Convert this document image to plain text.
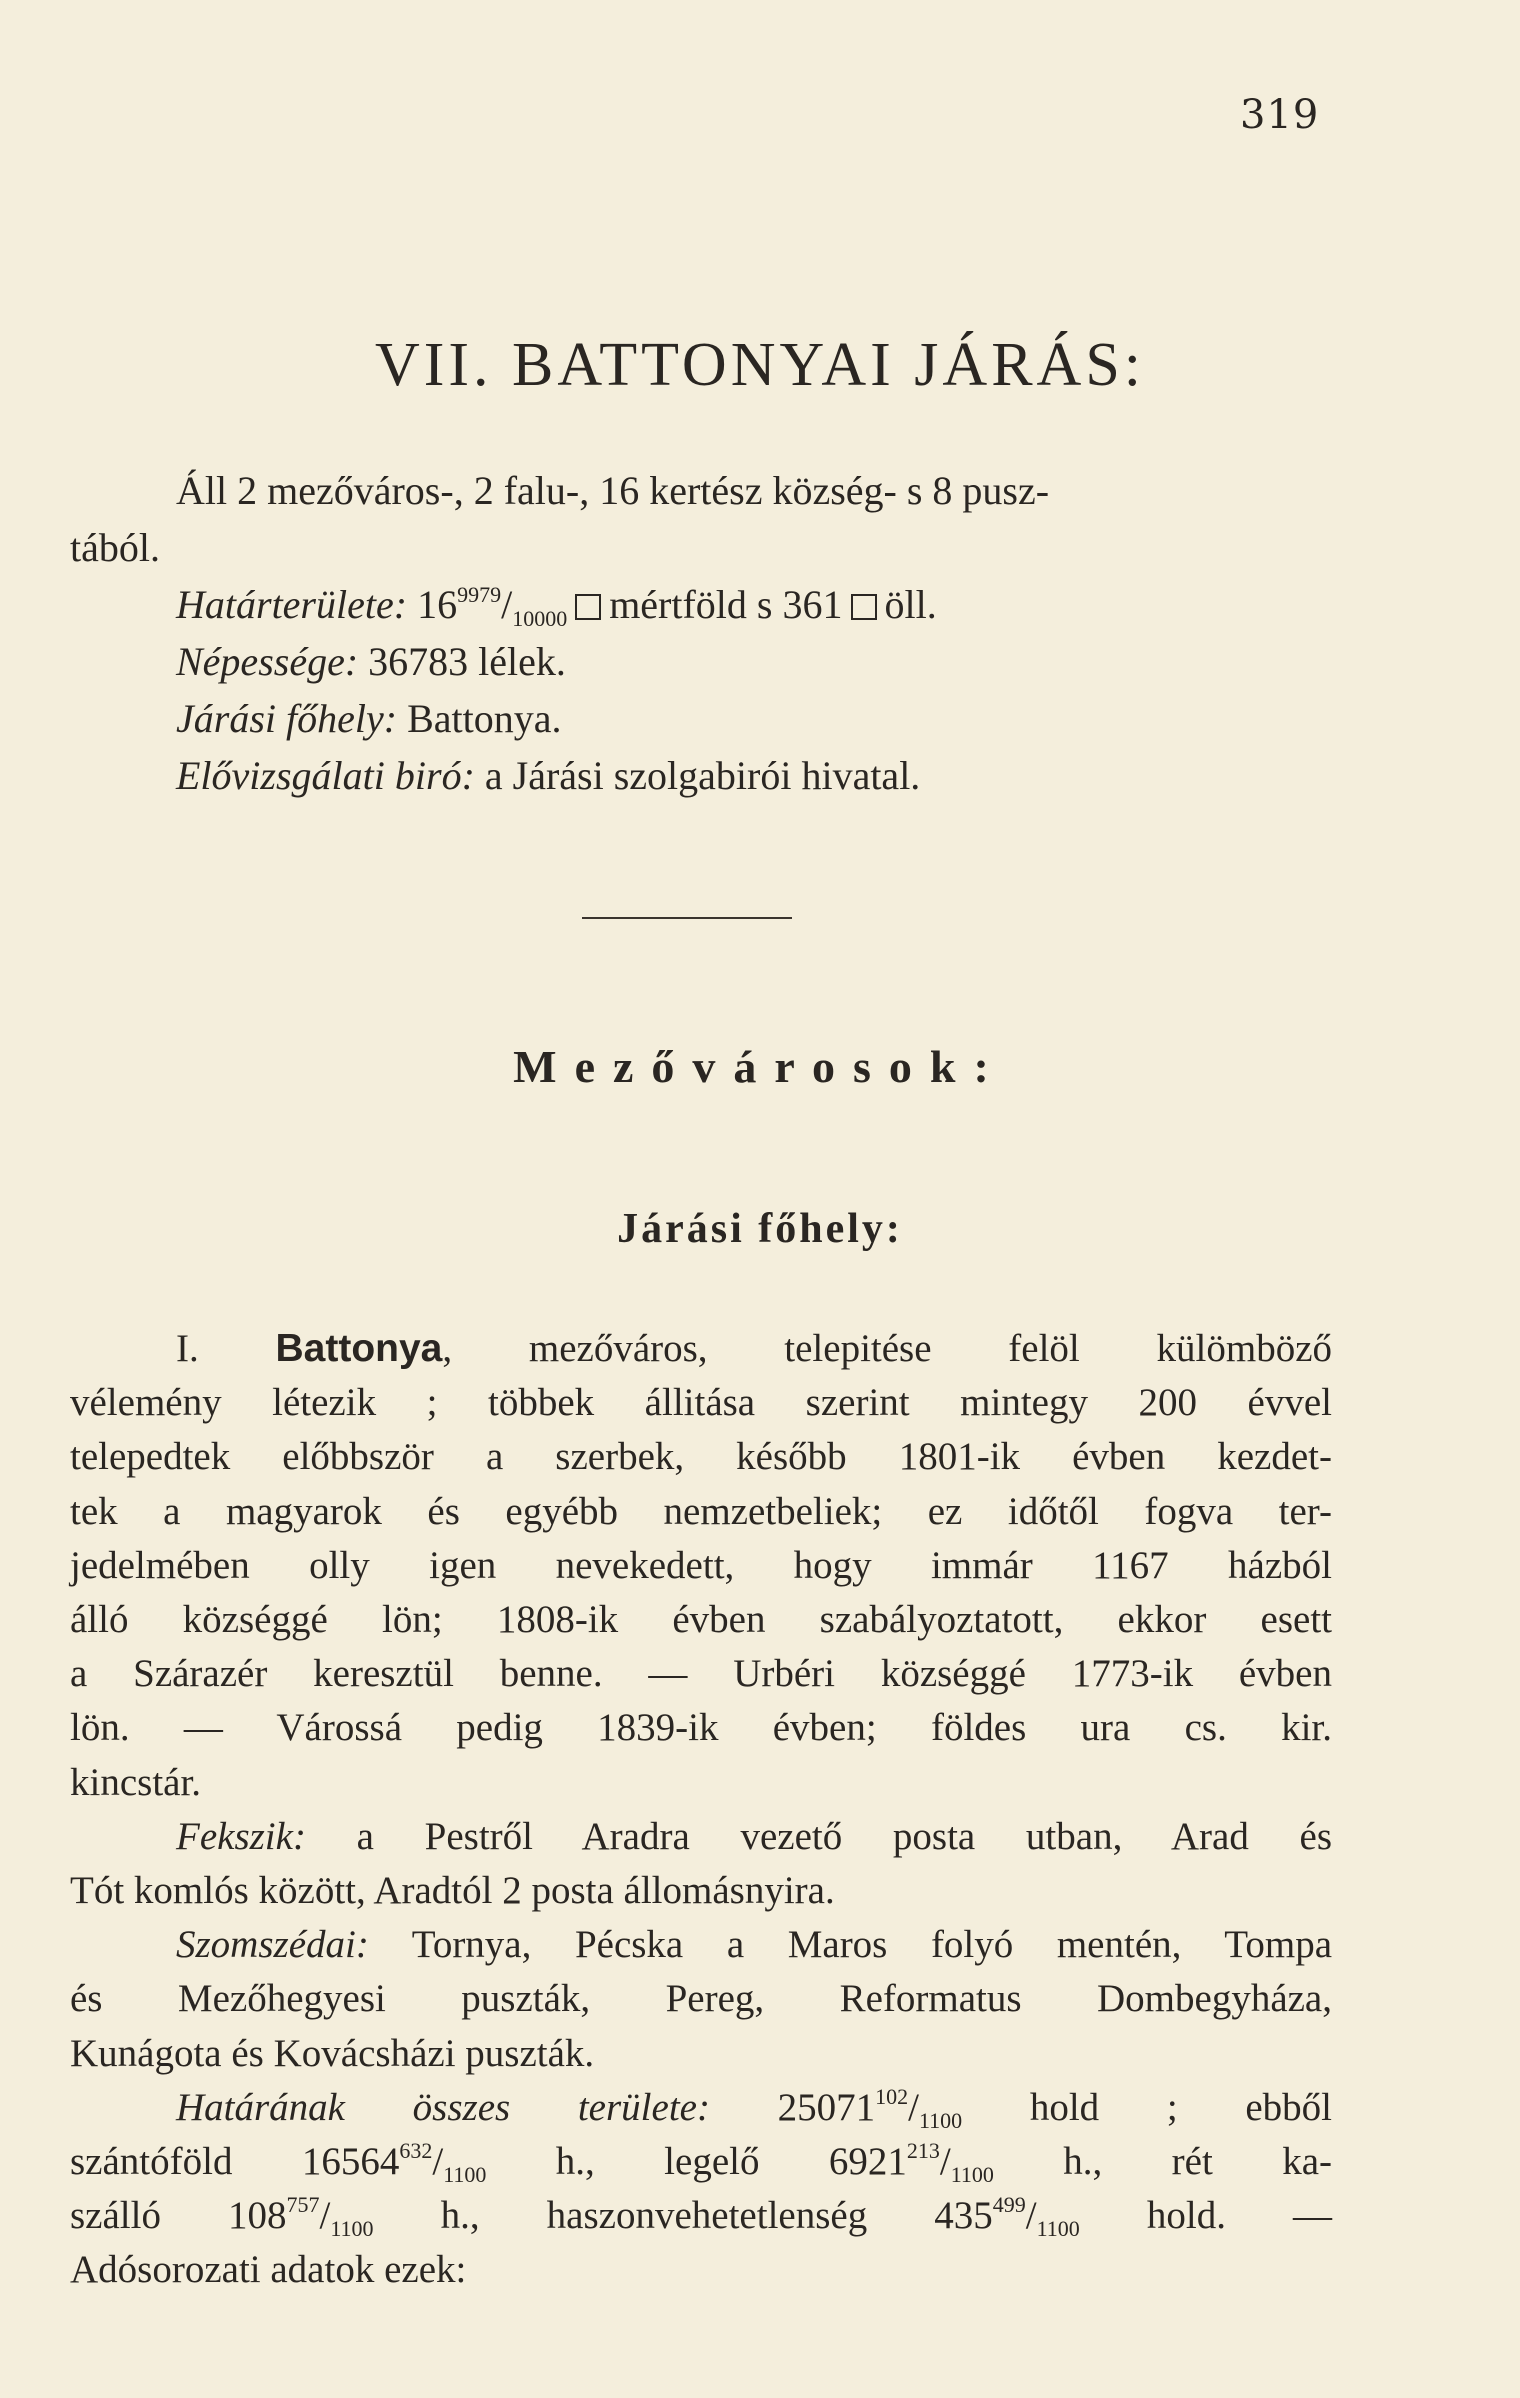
319
VII. BATTONYAI JÁRÁS:
Áll 2 mezőváros-, 2 falu-, 16 kertész község- s 8 pusz-
tából.
Határterülete: $16^{9979}/_{10000}$ mértföld s 361 öll.
Népessége: 36783 lélek.
Járási főhely: Battonya.
Elővizsgálati biró: a Járási szolgabirói hivatal.
Mezővárosok:
Járási főhely:
I. Battonya, mezőváros, telepitése felöl külömböző
vélemény létezik ; többek állitása szerint mintegy 200 évvel
telepedtek előbbször a szerbek, később 1801-ik évben kezdet-
tek a magyarok és egyébb nemzetbeliek; ez időtől fogva ter-
jedelmében olly igen nevekedett, hogy immár 1167 házból
álló községgé lön; 1808-ik évben szabályoztatott, ekkor esett
a Szárazér keresztül benne. — Urbéri községgé 1773-ik évben
lön. — Várossá pedig 1839-ik évben; földes ura cs. kir.
kincstár.
Fekszik: a Pestről Aradra vezető posta utban, Arad és
Tót komlós között, Aradtól 2 posta állomásnyira.
Szomszédai: Tornya, Pécska a Maros folyó mentén, Tompa
és Mezőhegyesi puszták, Pereg, Reformatus Dombegyháza,
Kunágota és Kovácsházi puszták.
Határának összes területe: $25071^{102}/_{1100}$ hold ; ebből
szántóföld $16564^{632}/_{1100}$ h., legelő $6921^{213}/_{1100}$ h., rét ka-
szálló $108^{757}/_{1100}$ h., haszonvehetetlenség $435^{499}/_{1100}$ hold. —
Adósorozati adatok ezek:
